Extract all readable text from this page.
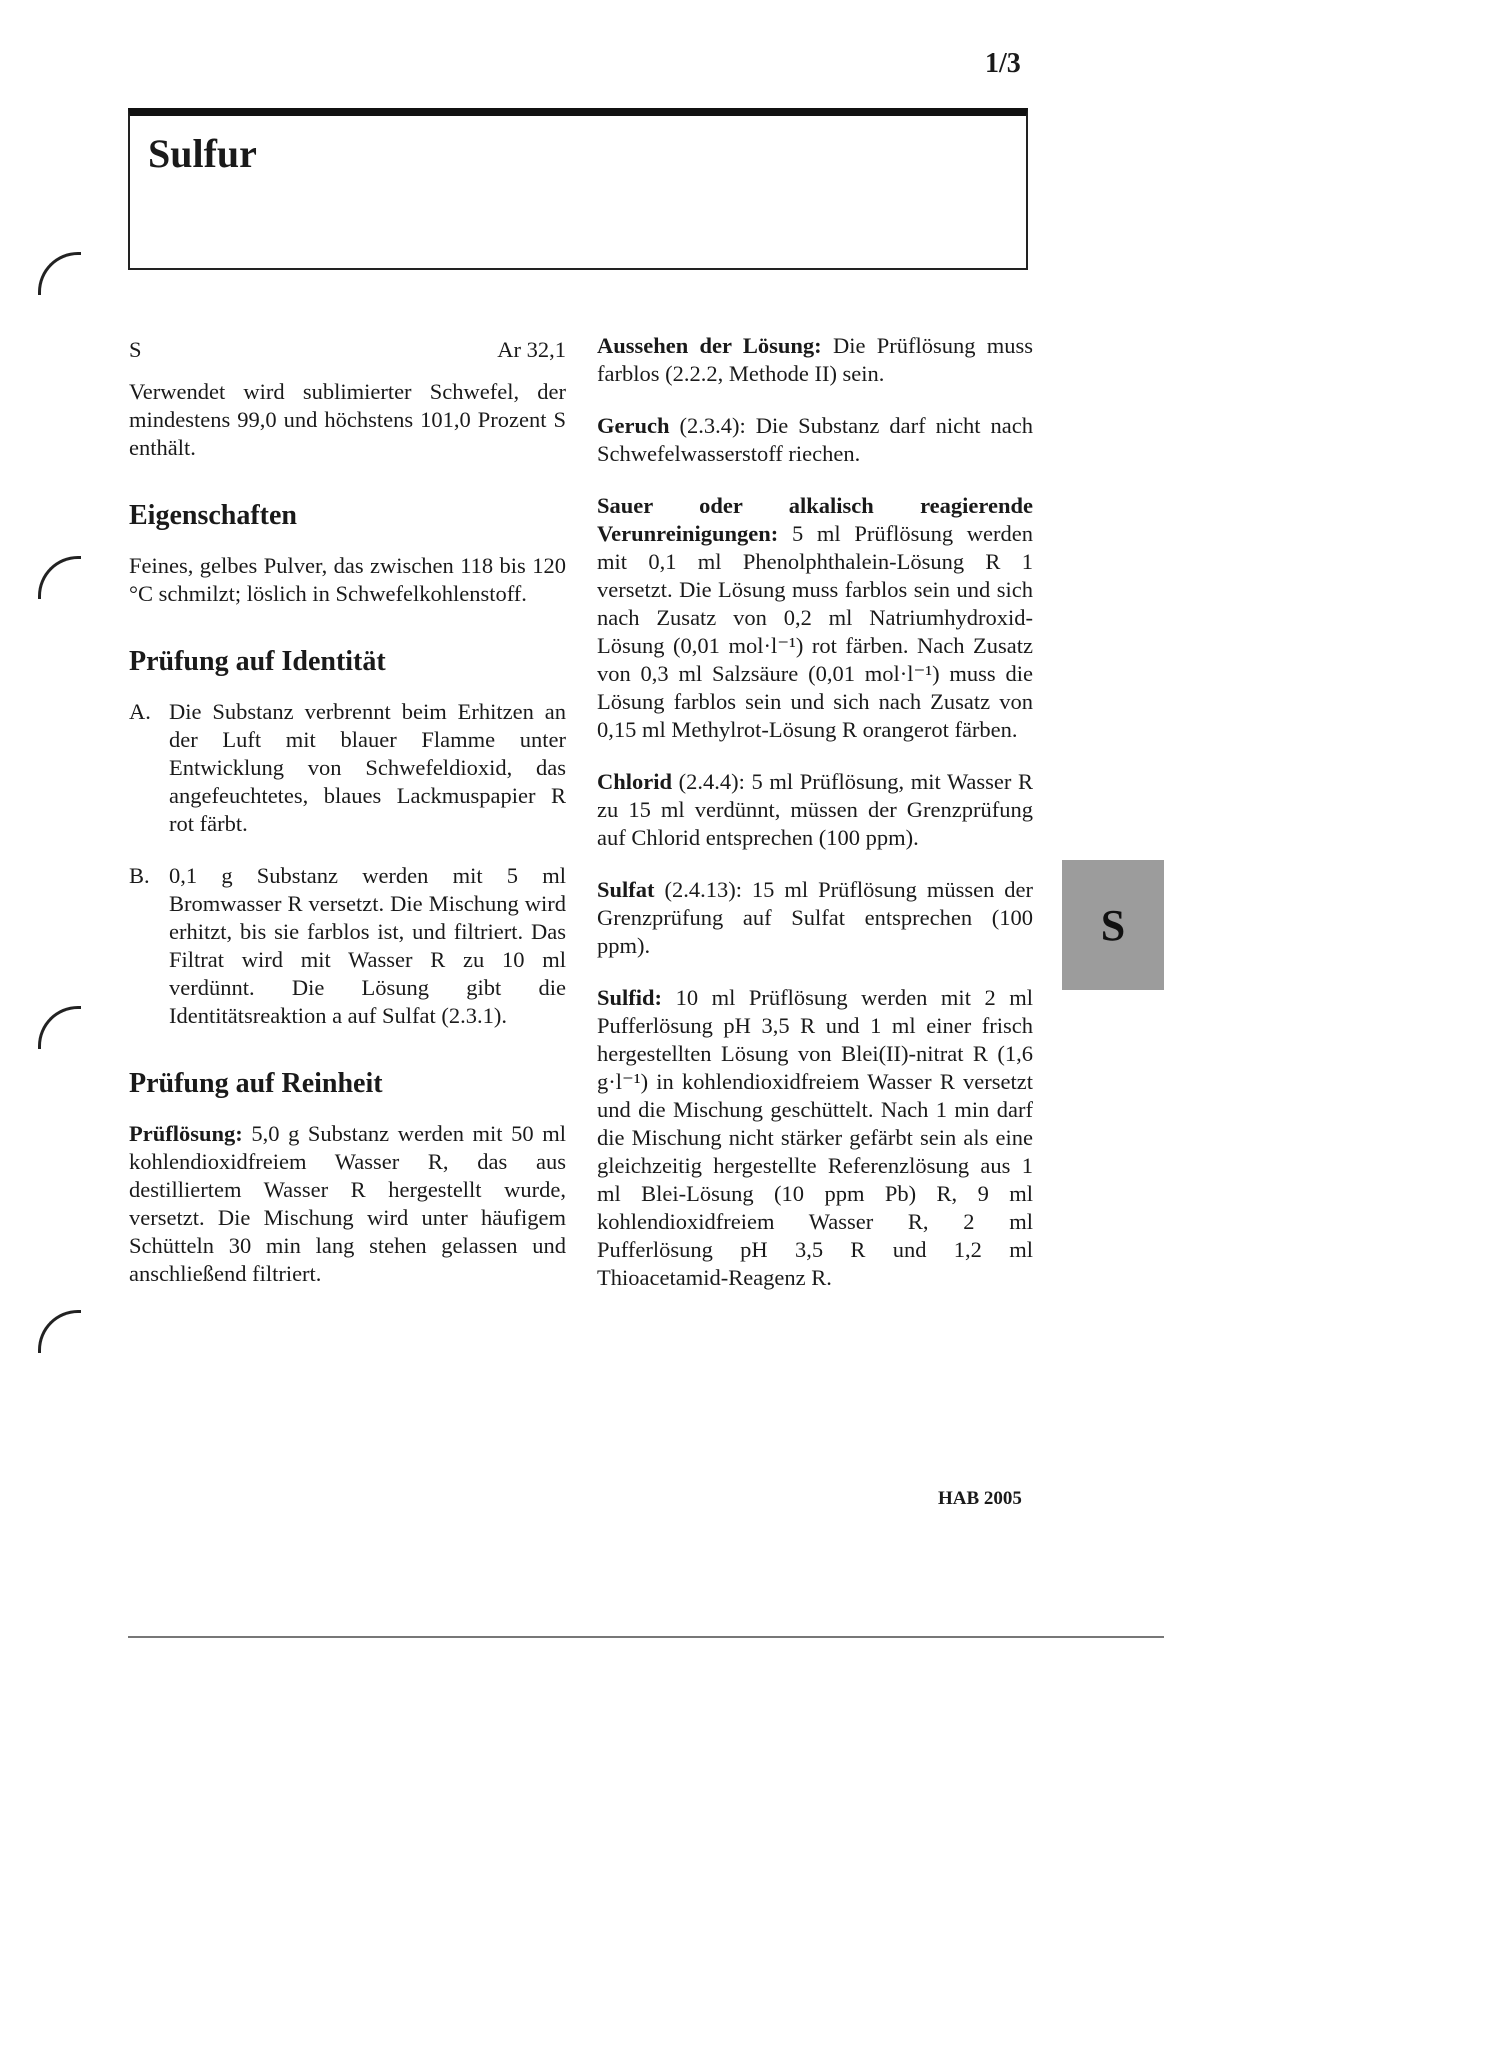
1/3
Sulfur
S	Ar 32,1

Verwendet wird sublimierter Schwefel, der mindestens 99,0 und höchstens 101,0 Prozent S enthält.

Eigenschaften

Feines, gelbes Pulver, das zwischen 118 bis 120 °C schmilzt; löslich in Schwefelkohlenstoff.

Prüfung auf Identität
A. Die Substanz verbrennt beim Erhitzen an der Luft mit blauer Flamme unter Entwicklung von Schwefeldioxid, das angefeuchtetes, blaues Lackmuspapier R rot färbt.
B. 0,1 g Substanz werden mit 5 ml Bromwasser R versetzt. Die Mischung wird erhitzt, bis sie farblos ist, und filtriert. Das Filtrat wird mit Wasser R zu 10 ml verdünnt. Die Lösung gibt die Identitätsreaktion a auf Sulfat (2.3.1).
Prüfung auf Reinheit

Prüflösung: 5,0 g Substanz werden mit 50 ml kohlendioxidfreiem Wasser R, das aus destilliertem Wasser R hergestellt wurde, versetzt. Die Mischung wird unter häufigem Schütteln 30 min lang stehen gelassen und anschließend filtriert.

Aussehen der Lösung: Die Prüflösung muss farblos (2.2.2, Methode II) sein.

Geruch (2.3.4): Die Substanz darf nicht nach Schwefelwasserstoff riechen.

Sauer oder alkalisch reagierende Verunreinigungen: 5 ml Prüflösung werden mit 0,1 ml Phenolphthalein-Lösung R 1 versetzt. Die Lösung muss farblos sein und sich nach Zusatz von 0,2 ml Natriumhydroxid-Lösung (0,01 mol·l⁻¹) rot färben. Nach Zusatz von 0,3 ml Salzsäure (0,01 mol·l⁻¹) muss die Lösung farblos sein und sich nach Zusatz von 0,15 ml Methylrot-Lösung R orangerot färben.

Chlorid (2.4.4): 5 ml Prüflösung, mit Wasser R zu 15 ml verdünnt, müssen der Grenzprüfung auf Chlorid entsprechen (100 ppm).

Sulfat (2.4.13): 15 ml Prüflösung müssen der Grenzprüfung auf Sulfat entsprechen (100 ppm).

Sulfid: 10 ml Prüflösung werden mit 2 ml Pufferlösung pH 3,5 R und 1 ml einer frisch hergestellten Lösung von Blei(II)-nitrat R (1,6 g·l⁻¹) in kohlendioxidfreiem Wasser R versetzt und die Mischung geschüttelt. Nach 1 min darf die Mischung nicht stärker gefärbt sein als eine gleichzeitig hergestellte Referenzlösung aus 1 ml Blei-Lösung (10 ppm Pb) R, 9 ml kohlendioxidfreiem Wasser R, 2 ml Pufferlösung pH 3,5 R und 1,2 ml Thioacetamid-Reagenz R.

S
HAB 2005
